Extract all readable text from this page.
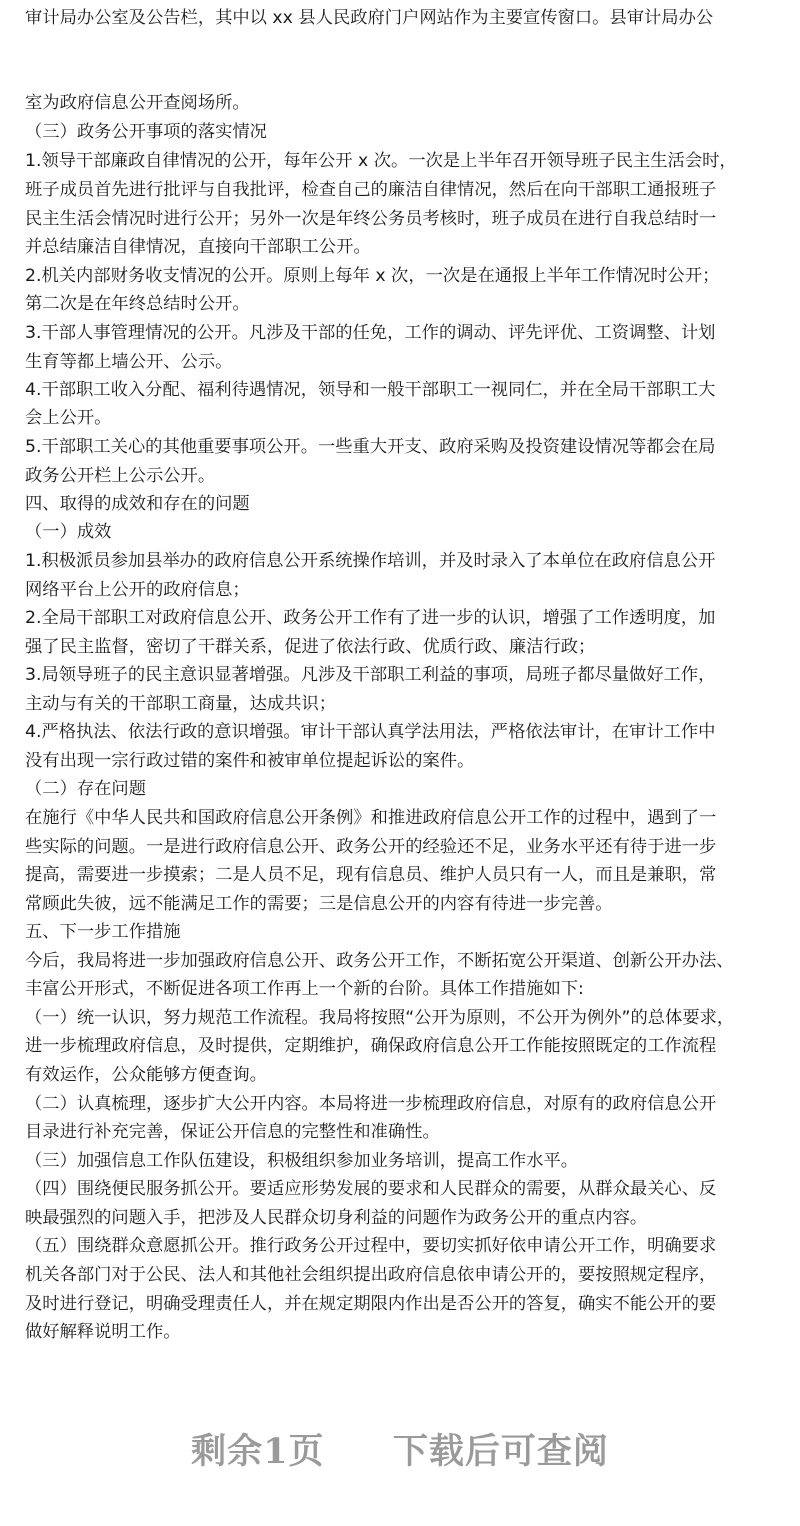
审计局办公室及公告栏，其中以 xx 县人民政府门户网站作为主要宣传窗口。县审计局办公
室为政府信息公开查阅场所。
（三）政务公开事项的落实情况
1.领导干部廉政自律情况的公开，每年公开 x 次。一次是上半年召开领导班子民主生活会时，
班子成员首先进行批评与自我批评，检查自己的廉洁自律情况，然后在向干部职工通报班子
民主生活会情况时进行公开；另外一次是年终公务员考核时，班子成员在进行自我总结时一
并总结廉洁自律情况，直接向干部职工公开。
2.机关内部财务收支情况的公开。原则上每年 x 次，一次是在通报上半年工作情况时公开；
第二次是在年终总结时公开。
3.干部人事管理情况的公开。凡涉及干部的任免，工作的调动、评先评优、工资调整、计划
生育等都上墙公开、公示。
4.干部职工收入分配、福利待遇情况，领导和一般干部职工一视同仁，并在全局干部职工大
会上公开。
5.干部职工关心的其他重要事项公开。一些重大开支、政府采购及投资建设情况等都会在局
政务公开栏上公示公开。
四、取得的成效和存在的问题
（一）成效
1.积极派员参加县举办的政府信息公开系统操作培训，并及时录入了本单位在政府信息公开
网络平台上公开的政府信息；
2.全局干部职工对政府信息公开、政务公开工作有了进一步的认识，增强了工作透明度，加
强了民主监督，密切了干群关系，促进了依法行政、优质行政、廉洁行政；
3.局领导班子的民主意识显著增强。凡涉及干部职工利益的事项，局班子都尽量做好工作，
主动与有关的干部职工商量，达成共识；
4.严格执法、依法行政的意识增强。审计干部认真学法用法，严格依法审计，在审计工作中
没有出现一宗行政过错的案件和被审单位提起诉讼的案件。
（二）存在问题
在施行《中华人民共和国政府信息公开条例》和推进政府信息公开工作的过程中，遇到了一
些实际的问题。一是进行政府信息公开、政务公开的经验还不足，业务水平还有待于进一步
提高，需要进一步摸索；二是人员不足，现有信息员、维护人员只有一人，而且是兼职，常
常顾此失彼，远不能满足工作的需要；三是信息公开的内容有待进一步完善。
五、下一步工作措施
今后，我局将进一步加强政府信息公开、政务公开工作，不断拓宽公开渠道、创新公开办法、
丰富公开形式，不断促进各项工作再上一个新的台阶。具体工作措施如下:
（一）统一认识，努力规范工作流程。我局将按照“公开为原则，不公开为例外”的总体要求，
进一步梳理政府信息，及时提供，定期维护，确保政府信息公开工作能按照既定的工作流程
有效运作，公众能够方便查询。
（二）认真梳理，逐步扩大公开内容。本局将进一步梳理政府信息，对原有的政府信息公开
目录进行补充完善，保证公开信息的完整性和准确性。
（三）加强信息工作队伍建设，积极组织参加业务培训，提高工作水平。
（四）围绕便民服务抓公开。要适应形势发展的要求和人民群众的需要，从群众最关心、反
映最强烈的问题入手，把涉及人民群众切身利益的问题作为政务公开的重点内容。
（五）围绕群众意愿抓公开。推行政务公开过程中，要切实抓好依申请公开工作，明确要求
机关各部门对于公民、法人和其他社会组织提出政府信息依申请公开的，要按照规定程序，
及时进行登记，明确受理责任人，并在规定期限内作出是否公开的答复，确实不能公开的要
做好解释说明工作。
剩余1页 下载后可查阅
